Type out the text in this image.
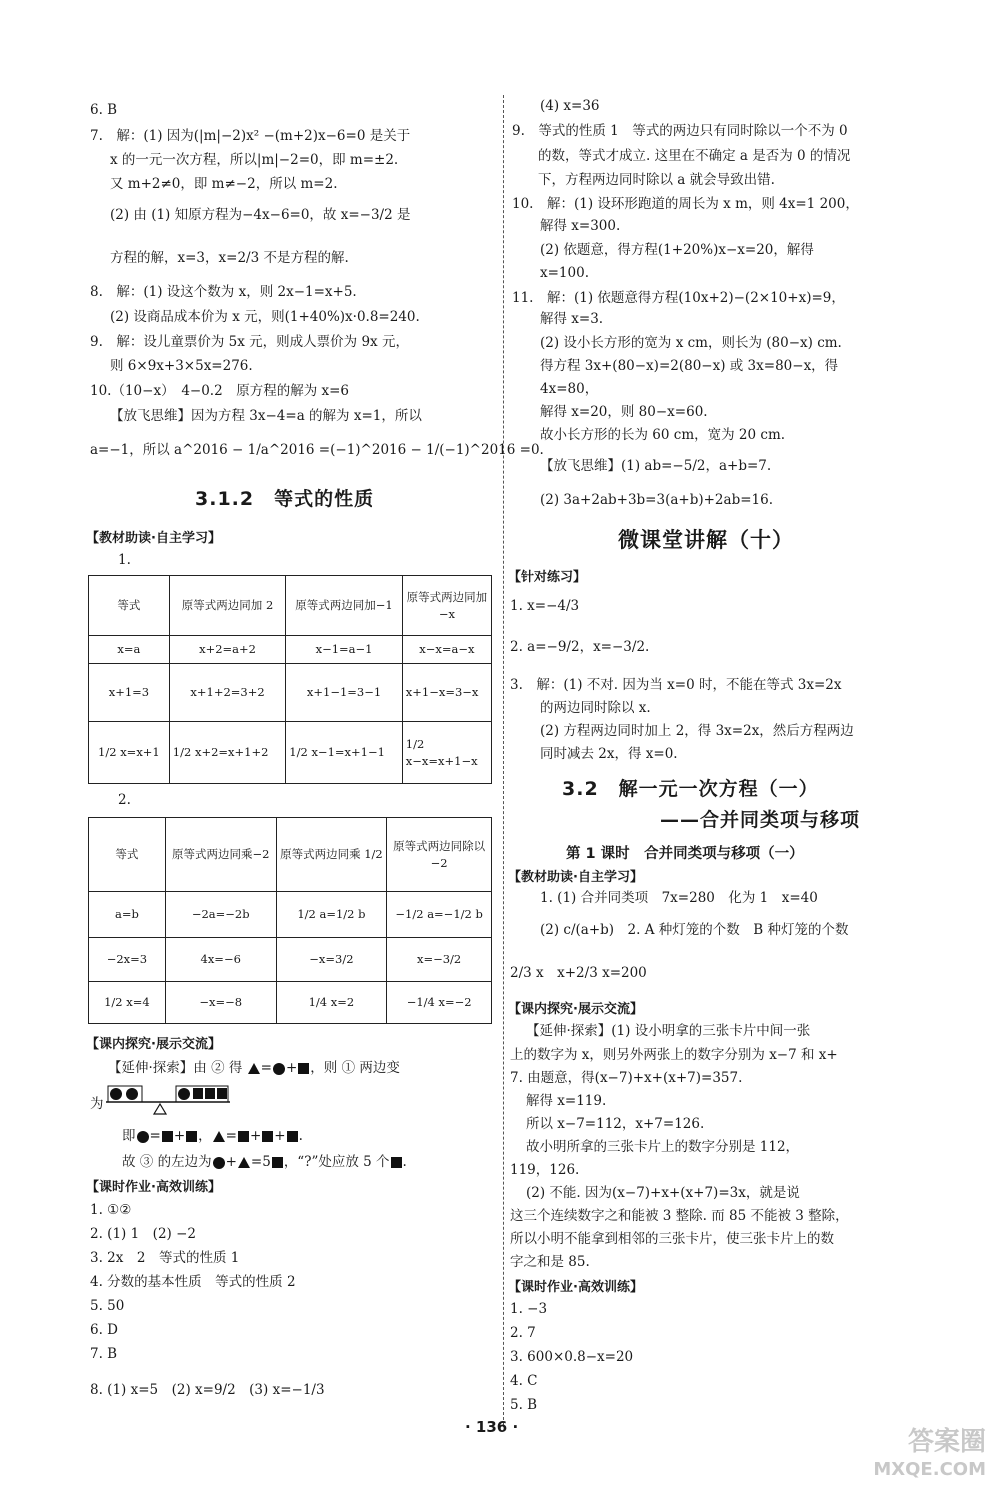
6. B
7.　解：(1) 因为(|m|−2)x² −(m+2)x−6=0 是关于
x 的一元一次方程，所以|m|−2=0，即 m=±2.
又 m+2≠0，即 m≠−2，所以 m=2.
(2) 由 (1) 知原方程为−4x−6=0，故 x=−3/2 是
方程的解，x=3，x=2/3 不是方程的解.
8.　解：(1) 设这个数为 x，则 2x−1=x+5.
(2) 设商品成本价为 x 元，则(1+40%)x·0.8=240.
9.　解：设儿童票价为 5x 元，则成人票价为 9x 元，
则 6×9x+3×5x=276.
10.（10−x）　4−0.2　原方程的解为 x=6
【放飞思维】因为方程 3x−4=a 的解为 x=1，所以
a=−1，所以 a^2016 − 1/a^2016 =(−1)^2016 − 1/(−1)^2016 =0.
3.1.2　等式的性质
【教材助读·自主学习】
1.
等式	原等式两边同加 2	原等式两边同加−1	原等式两边同加−x
x=a	x+2=a+2	x−1=a−1	x−x=a−x
x+1=3	x+1+2=3+2	x+1−1=3−1	x+1−x=3−x
1/2 x=x+1	1/2 x+2=x+1+2	1/2 x−1=x+1−1	1/2 x−x=x+1−x
2.
等式	原等式两边同乘−2	原等式两边同乘 1/2	原等式两边同除以−2
a=b	−2a=−2b	1/2 a=1/2 b	−1/2 a=−1/2 b
−2x=3	4x=−6	−x=3/2	x=−3/2
1/2 x=4	−x=−8	1/4 x=2	−1/4 x=−2
【课内探究·展示交流】
【延伸·探索】由 ② 得 = + ，则 ① 两边变
为
即 = + ， = + + .
故 ③ 的左边为 + =5 ，“?”处应放 5 个 .
【课时作业·高效训练】
1. ①②
2. (1) 1　(2) −2
3. 2x　2　等式的性质 1
4. 分数的基本性质　等式的性质 2
5. 50
6. D
7. B
8. (1) x=5　(2) x=9/2　(3) x=−1/3
(4) x=36
9.　等式的性质 1　等式的两边只有同时除以一个不为 0
的数，等式才成立. 这里在不确定 a 是否为 0 的情况
下，方程两边同时除以 a 就会导致出错.
10.　解：(1) 设环形跑道的周长为 x m，则 4x=1 200，
解得 x=300.
(2) 依题意，得方程(1+20%)x−x=20，解得
x=100.
11.　解：(1) 依题意得方程(10x+2)−(2×10+x)=9，
解得 x=3.
(2) 设小长方形的宽为 x cm，则长为 (80−x) cm.
得方程 3x+(80−x)=2(80−x) 或 3x=80−x，得
4x=80，
解得 x=20，则 80−x=60.
故小长方形的长为 60 cm，宽为 20 cm.
【放飞思维】(1) ab=−5/2，a+b=7.
(2) 3a+2ab+3b=3(a+b)+2ab=16.
微课堂讲解（十）
【针对练习】
1. x=−4/3
2. a=−9/2，x=−3/2.
3.　解：(1) 不对. 因为当 x=0 时，不能在等式 3x=2x
的两边同时除以 x.
(2) 方程两边同时加上 2，得 3x=2x，然后方程两边
同时减去 2x，得 x=0.
3.2　解一元一次方程（一）
——合并同类项与移项
第 1 课时　合并同类项与移项（一）
【教材助读·自主学习】
1. (1) 合并同类项　7x=280　化为 1　x=40
(2) c/(a+b)　2. A 种灯笼的个数　B 种灯笼的个数
2/3 x　x+2/3 x=200
【课内探究·展示交流】
【延伸·探索】(1) 设小明拿的三张卡片中间一张
上的数字为 x，则另外两张上的数字分别为 x−7 和 x+
7. 由题意，得(x−7)+x+(x+7)=357.
解得 x=119.
所以 x−7=112，x+7=126.
故小明所拿的三张卡片上的数字分别是 112，
119，126.
(2) 不能. 因为(x−7)+x+(x+7)=3x，就是说
这三个连续数字之和能被 3 整除. 而 85 不能被 3 整除，
所以小明不能拿到相邻的三张卡片，使三张卡片上的数
字之和是 85.
【课时作业·高效训练】
1. −3
2. 7
3. 600×0.8−x=20
4. C
5. B
· 136 ·	答案圈
MXQE.COM
